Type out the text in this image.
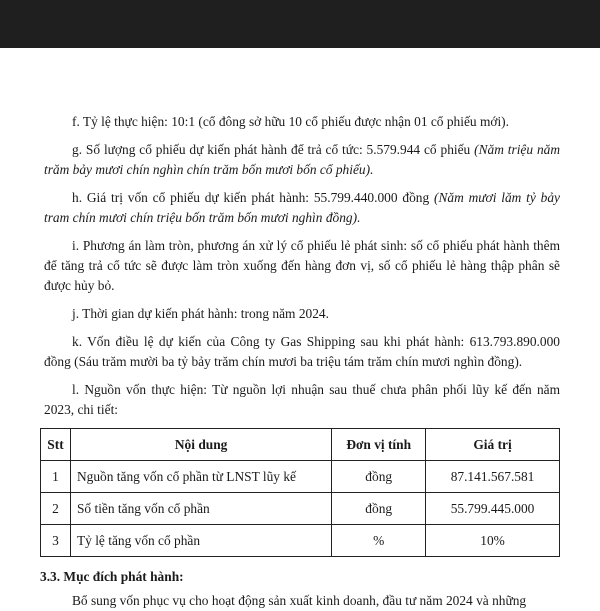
f. Tỷ lệ thực hiện: 10:1 (cổ đông sở hữu 10 cổ phiếu được nhận 01 cổ phiếu mới).

g. Số lượng cổ phiếu dự kiến phát hành để trả cổ tức: 5.579.944 cổ phiếu (Năm triệu năm trăm bảy mươi chín nghìn chín trăm bốn mươi bốn cổ phiếu).

h. Giá trị vốn cổ phiếu dự kiến phát hành: 55.799.440.000 đồng (Năm mươi lăm tỷ bảy tram chín mươi chín triệu bốn trăm bốn mươi nghìn đồng).

i. Phương án làm tròn, phương án xử lý cổ phiếu lẻ phát sinh: số cổ phiếu phát hành thêm để tăng trả cổ tức sẽ được làm tròn xuống đến hàng đơn vị, số cổ phiếu lẻ hàng thập phân sẽ được hủy bỏ.

j. Thời gian dự kiến phát hành: trong năm 2024.

k. Vốn điều lệ dự kiến của Công ty Gas Shipping sau khi phát hành: 613.793.890.000 đồng (Sáu trăm mười ba tỷ bảy trăm chín mươi ba triệu tám trăm chín mươi nghìn đồng).

l. Nguồn vốn thực hiện: Từ nguồn lợi nhuận sau thuế chưa phân phối lũy kế đến năm 2023, chi tiết:

Stt	Nội dung	Đơn vị tính	Giá trị
1	Nguồn tăng vốn cổ phần từ LNST lũy kế	đồng	87.141.567.581
2	Số tiền tăng vốn cổ phần	đồng	55.799.445.000
3	Tỷ lệ tăng vốn cổ phần	%	10%
3.3. Mục đích phát hành:
Bổ sung vốn phục vụ cho hoạt động sản xuất kinh doanh, đầu tư năm 2024 và những
